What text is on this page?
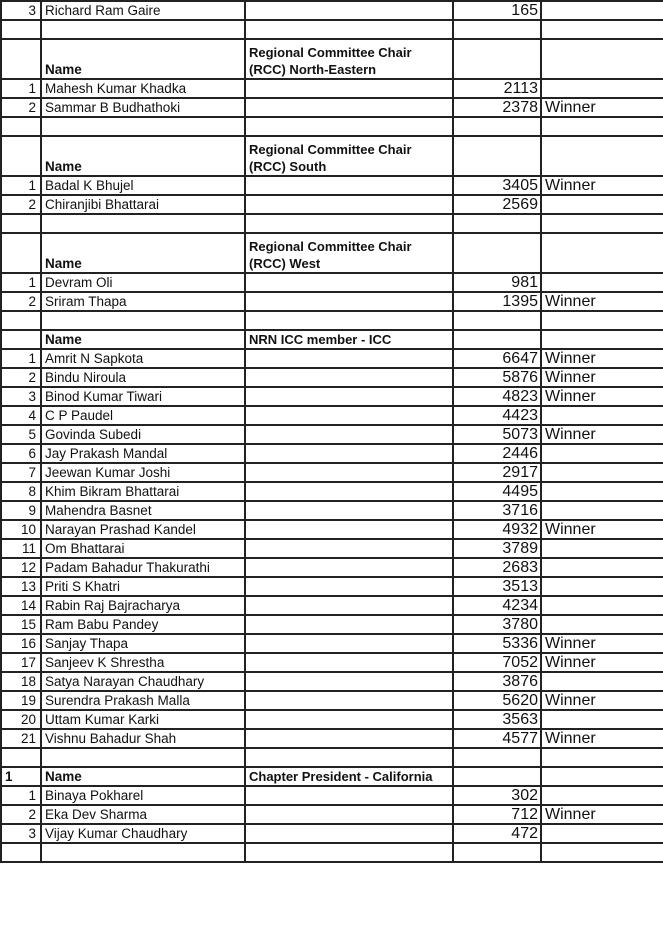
3	Richard Ram Gaire		165	

	Name	Regional Committee Chair (RCC) North-Eastern		
1	Mahesh Kumar Khadka		2113	
2	Sammar B Budhathoki		2378	Winner

	Name	Regional Committee Chair (RCC) South		
1	Badal K Bhujel		3405	Winner
2	Chiranjibi Bhattarai		2569	

	Name	Regional Committee Chair (RCC) West		
1	Devram Oli		981	
2	Sriram Thapa		1395	Winner

	Name	NRN ICC member - ICC		
1	Amrit N Sapkota		6647	Winner
2	Bindu Niroula		5876	Winner
3	Binod Kumar Tiwari		4823	Winner
4	C P Paudel		4423	
5	Govinda Subedi		5073	Winner
6	Jay Prakash Mandal		2446	
7	Jeewan Kumar Joshi		2917	
8	Khim Bikram Bhattarai		4495	
9	Mahendra Basnet		3716	
10	Narayan Prashad Kandel		4932	Winner
11	Om Bhattarai		3789	
12	Padam Bahadur Thakurathi		2683	
13	Priti S Khatri		3513	
14	Rabin Raj Bajracharya		4234	
15	Ram Babu Pandey		3780	
16	Sanjay Thapa		5336	Winner
17	Sanjeev K Shrestha		7052	Winner
18	Satya Narayan Chaudhary		3876	
19	Surendra Prakash Malla		5620	Winner
20	Uttam Kumar Karki		3563	
21	Vishnu Bahadur Shah		4577	Winner

1	Name	Chapter President - California		
1	Binaya Pokharel		302	
2	Eka Dev Sharma		712	Winner
3	Vijay Kumar Chaudhary		472	
